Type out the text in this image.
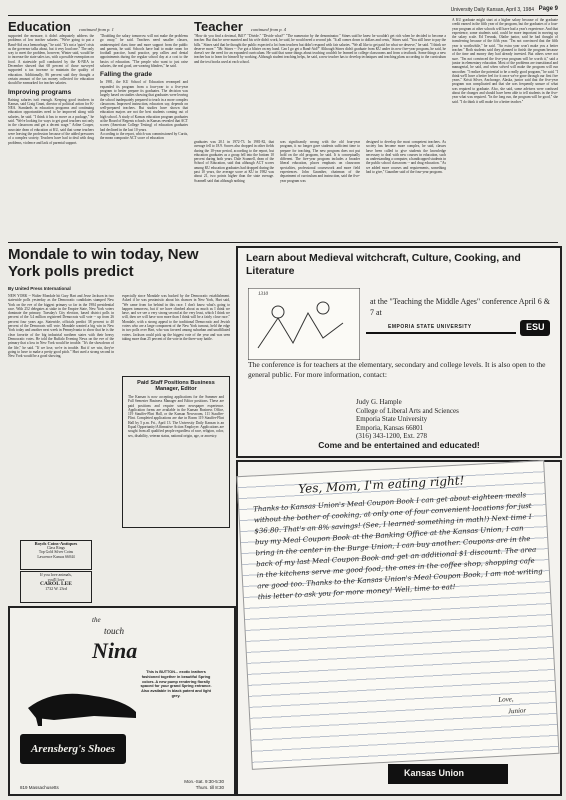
University Daily Kansan, April 3, 1984 Page 9
Education continued from p. 1
supported the measure, it didn't adequately address the problems of low teacher salaries. "We're going to put a Band-Aid on a hemorrhage," he said. "It's not a 'quiet' crisis as the governor talks about, but it very loud one." The only way to meet the problem, however, Winter said, would be to increase the state sales tax, with a possible exemption on food. A statewide poll conducted by the K-NEA in December showed that 68 percent of those surveyed supported a tax increase to maintain the quality of education. Additionally, 86 percent said they thought a certain amount of the tax money collected for education should be earmarked for teacher salaries.
Improving programs
Raising salaries isn't enough. Keeping good teachers in Kansas, said Craig Grant, director of political action for K-NEA. Standards in education programs and continuing education opportunities need to be improved along with salaries, he said. "I think it has to move as a package," he said. "We're looking for ways to get good teachers not only in the classroom and get a decent wage." Arline Cooper, associate dean of education at KU, said that some teachers were leaving the profession because of the added pressures of a complex society. Teachers have had to deal with drug problems, violence and lack of parental support.
"Doubling the salary tomorrow will not make the problems go away," he said. Teachers need smaller classes, uninterrupted class time and more support from the public and parents, he said. Schools have had to make room for football practice, band practice, pep rallies and dental appointments during the regular school day at a cost to the basics of education. "The people who want to just raise salaries, the real good, are wearing blinders," he said.
Falling the grade
In 1981, the KU School of Education revamped and expanded its program from a four-year to a five-year program to better prepare its graduates. The decision was largely based on studies showing that graduates were leaving the school inadequately prepared to teach in a more complex classroom. Improved instruction, educators say, depends on well-prepared teachers. But studies have shown that education majors are not the best students coming out of high school. A study of Kansas education program graduates at the Board of Regents schools in Kansas revealed that ACT scores (American College Testing) of education graduates had declined in the last 10 years.
According to the report, which was commissioned by Curtis, the mean composite ACT score of education
Teacher continued from p. 4
"How do you find a decimal, Bill?" "Divide." "Divide what?" "The numerator by the denominator." Stines said he knew he wouldn't get rich when he decided to become a teacher. But that he were married and his wife didn't work, he said, he would need a second job. "It all comes down to dollars and cents," Stines said. "You still have to pay the bills." Stines said that he thought the public expected a lot from teachers but didn't respond with fair salaries. "We all like to get paid for what we deserve," he said. "I think we deserve more." "Mr. Stines -- I've got a blister on my hand. Can I go get a Band-Aid?" Although Stines didn't graduate from KU under its new five-year program, he said, he doesn't see the need for an expanded curriculum. He said that some things about teaching couldn't be learned in college classrooms and from a textbook. Some things a new teacher has to learn for himself by working. Although student teaching helps, he said, a new teacher has to develop techniques and teaching plans according to the curriculum and the text books used at each school.
graduates was 20.1 in 1972-73. In 1981-82, that average fell to 18.9. Scores also dropped in other fields during the 10-year period, according to the report, but education graduates as a group fell into the bottom 10 percent during both years. Dale Scannell, dean of the School of Education, said that although ACT scores among KU education graduates had dropped during the past 10 years, the average score at KU in 1982 was about 21, two points higher than the state average. Scannell said that although nothing
was significantly wrong with the old four-year program, it no longer gave students sufficient time to prepare for teaching. The new program does not put hold on the old program, he said. It is conceptually different. The five-year program includes a broader liberal education, places emphasis on classroom specialties, professional coursework and more field experiences. John Gaunther, chairman of the department of curriculum and instruction, said the five-year program was
designed to develop the most competent teachers. As society has become more complex, he said, classes have been called to give students the knowledge necessary to deal with new courses in education, such as understanding a computer, a handicapped students in the public school classroom -- and drug education. "As we added more courses and requirements, something had to give," Gaunther said of the four-year program.
A KU graduate might start at a higher salary because of the graduate credit earned in the fifth year of the program, but the graduates of a four-year program at other schools will have had a year's experience. And that experience, some students said, could be more important in moving up the salary scale. Ed Tresnak, Olathe junior, said he had thought of transferring because of the fifth year. "I'm not convinced that the fifth year is worthwhile," he said. "An extra year won't make you a better teacher." Both students said they planned to finish the program because of the time and money they had already invested. But others were not sure. "I'm not convinced the five-year program will be worth it," said a junior in elementary education. Most of the problems are transitional and managerial, he said, and when solved will make the program will run smoother. "I realize the potential to be a really good program," he said. "I think we'll have a better feel for it once we've gone through our first five years." Kristi Silver, Anchorage, Alaska, junior said that the five-year program was complicated and that she was frequently unsure of what was required to graduate. Also, she said, some advisers were confused about the changes and should have been able to tell students in the five-year what was required. "In the long run, the program will be good," she said. "I do think it will make for a better teacher."
Mondale to win today, New York polls predict
By United Press International
NEW YORK -- Walter Mondale hit Gary Hart and Jesse Jackson in two statewide polls yesterday as the Democratic candidates stumped New York on the eve of the biggest primary so far in the 1984 presidential race. With 252 delegates at stake in the Empire State, New York voters dominate the primary. Tuesday's City election, based district polls in percent of the 3.4 million registered Democrats will vote -- up from 26 percent four years ago. Statewide, officials predict 38 percent to 40 percent of the Democrats will vote. Mondale wanted a big win in New York today and another next week in Pennsylvania to show that he is the clear favorite of the big industrial northern states with their heavy Democratic votes. He told the Buffalo Evening News on the eve of the primary that a loss in New York would be trouble. "It's the showdown of the life," he said. "If we lose, we're in trouble. But if we win, they're going to have to make a pretty good pitch." Hart used a strong second in New York would be a good showing,
especially since Mondale was backed by the Democratic establishment. Asked if he was pessimistic about his chances in New York, Hart said, "We came from far behind in this race. I don't know what's going to happen tomorrow, but if we have climbed about as much as I think we have, and we see a very strong second at the very least, which I think we will, then we will have won more than I think will be a fairly close race." Mondale, with a strong appeal to the traditional Democratic and Jewish voters who are a large component of the New York turnout, held the edge in two polls over Hart, who was favored among suburban and unaffiliated voters. Jackson could pick up the biggest vote of the year and was seen taking more than 25 percent of the vote in the three-way battle.
Paid Staff Positions Business Manager, Editor
The Kansan is now accepting applications for the Summer and Fall Semester Business Manager and Editor positions. These are paid positions and require some newspaper experience. Application forms are available in the Kansan Business Office, 119 Stauffer-Flint Hall, or the Kansan Newsroom, 111 Stauffer-Flint. Completed applications are due in Room 119 Stauffer-Flint Hall by 5 p.m. Fri., April 13. The University Daily Kansan is an Equal Opportunity/Affirmative Action Employer. Applications are sought from all qualified people regardless of race, religion, color, sex, disability, veteran status, national origin, age, or ancestry.
Boyds Coins-Antiques
Class Rings
Top Gold Silver Coins
Lawrence Kansas 66044
If you love animals,
you'll love
CAROL LEE
1732 W. 23rd
the
touch
Nina
This is BUTTON... exotic leathers fashioned together in beautiful Spring colors. A new pump rendering florally spaced for your grand Spring entrance. Also available in black patent and light grey.
Arensberg's Shoes
819 Massachusetts
Mon.-Sat. 9:30-5:30
Thurs. till 8:30
Learn about Medieval witchcraft, Culture, Cooking, and Literature
1310
at the "Teaching the Middle Ages" conference April 6 & 7 at
EMPORIA STATE UNIVERSITY	ESU
The conference is for teachers at the elementary, secondary and college levels. It is also open to the general public. For more information, contact:
Judy G. Hample
College of Liberal Arts and Sciences
Emporia State University
Emporia, Kansas 66801
(316) 343-1200, Ext. 278
Come and be entertained and educated!
Yes, Mom, I'm eating right!
Thanks to Kansas Union's Meal Coupon Book I can get about eighteen meals without the bother of cooking, at only one of four convenient locations for just $36.80. That's an 8% savings! (See, I learned something in math!) Next time I buy my Meal Coupon Book at the Banking Office at the Kansas Union, I can bring in the center in the Burge Union, I can buy another. Coupons are in the back of my last Meal Coupon Book and get an additional $1 discount. The area in the kitchens serve me good food, the ones in the coffee shop, shopping cafe are good too. Thanks to the Kansas Union's Meal Coupon Book, I am not writing this letter to ask you for more money! Well, time to eat!
Love,
Junior
Kansas Union
